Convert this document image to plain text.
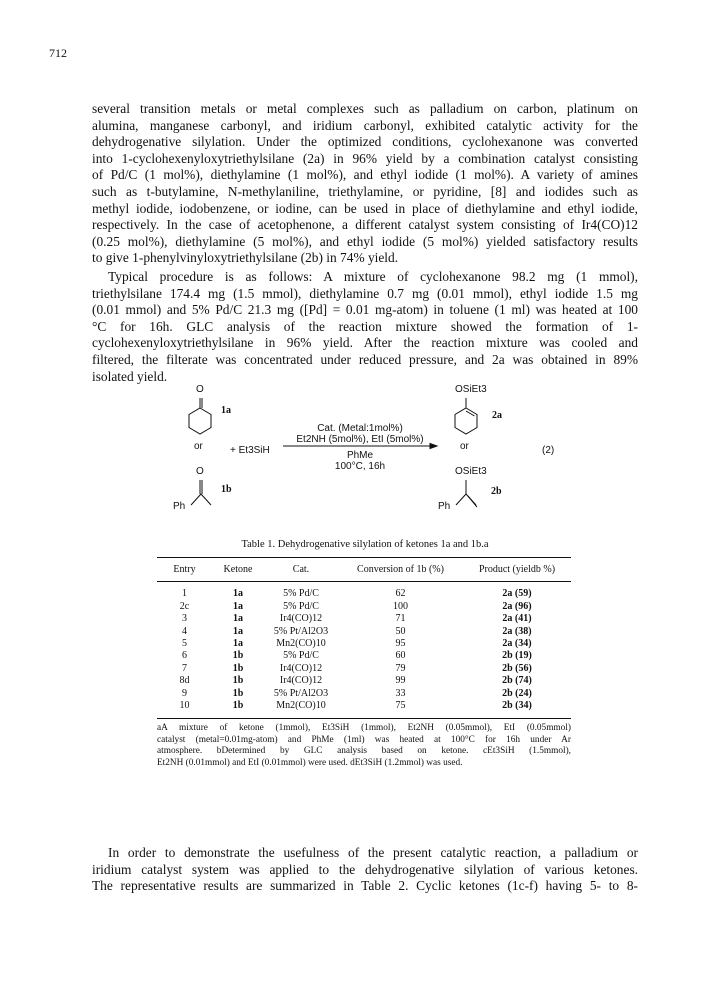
712
several transition metals or metal complexes such as palladium on carbon, platinum on
alumina, manganese carbonyl, and iridium carbonyl, exhibited catalytic activity for the
dehydrogenative silylation. Under the optimized conditions, cyclohexanone was converted
into 1-cyclohexenyloxytriethylsilane (2a) in 96% yield by a combination catalyst consisting
of Pd/C (1 mol%), diethylamine (1 mol%), and ethyl iodide (1 mol%). A variety of amines
such as t-butylamine, N-methylaniline, triethylamine, or pyridine, [8] and iodides such as
methyl iodide, iodobenzene, or iodine, can be used in place of diethylamine and ethyl iodide,
respectively. In the case of acetophenone, a different catalyst system consisting of Ir4(CO)12
(0.25 mol%), diethylamine (5 mol%), and ethyl iodide (5 mol%) yielded satisfactory results
to give 1-phenylvinyloxytriethylsilane (2b) in 74% yield.
Typical procedure is as follows: A mixture of cyclohexanone 98.2 mg (1 mmol),
triethylsilane 174.4 mg (1.5 mmol), diethylamine 0.7 mg (0.01 mmol), ethyl iodide 1.5 mg
(0.01 mmol) and 5% Pd/C 21.3 mg ([Pd] = 0.01 mg-atom) in toluene (1 ml) was heated at 100
°C for 16h. GLC analysis of the reaction mixture showed the formation of 1-
cyclohexenyloxytriethylsilane in 96% yield. After the reaction mixture was cooled and
filtered, the filterate was concentrated under reduced pressure, and 2a was obtained in 89%
isolated yield.
O
1a
or	+ Et3SiH
O
1b
Ph
Cat. (Metal:1mol%)
Et2NH (5mol%), EtI (5mol%)
PhMe
100°C, 16h
OSiEt3
2a
or
OSiEt3
2b
Ph
(2)
Table 1. Dehydrogenative silylation of ketones 1a and 1b.a
Entry	Ketone	Cat.	Conversion of 1b (%)	Product (yieldb %)
1	1a	5% Pd/C	62	2a (59)
2c	1a	5% Pd/C	100	2a (96)
3	1a	Ir4(CO)12	71	2a (41)
4	1a	5% Pt/Al2O3	50	2a (38)
5	1a	Mn2(CO)10	95	2a (34)
6	1b	5% Pd/C	60	2b (19)
7	1b	Ir4(CO)12	79	2b (56)
8d	1b	Ir4(CO)12	99	2b (74)
9	1b	5% Pt/Al2O3	33	2b (24)
10	1b	Mn2(CO)10	75	2b (34)
aA mixture of ketone (1mmol), Et3SiH (1mmol), Et2NH (0.05mmol), EtI (0.05mmol)
catalyst (metal=0.01mg-atom) and PhMe (1ml) was heated at 100°C for 16h under Ar
atmosphere. bDetermined by GLC analysis based on ketone. cEt3SiH (1.5mmol),
Et2NH (0.01mmol) and EtI (0.01mmol) were used. dEt3SiH (1.2mmol) was used.
In order to demonstrate the usefulness of the present catalytic reaction, a palladium or
iridium catalyst system was applied to the dehydrogenative silylation of various ketones.
The representative results are summarized in Table 2. Cyclic ketones (1c-f) having 5- to 8-
